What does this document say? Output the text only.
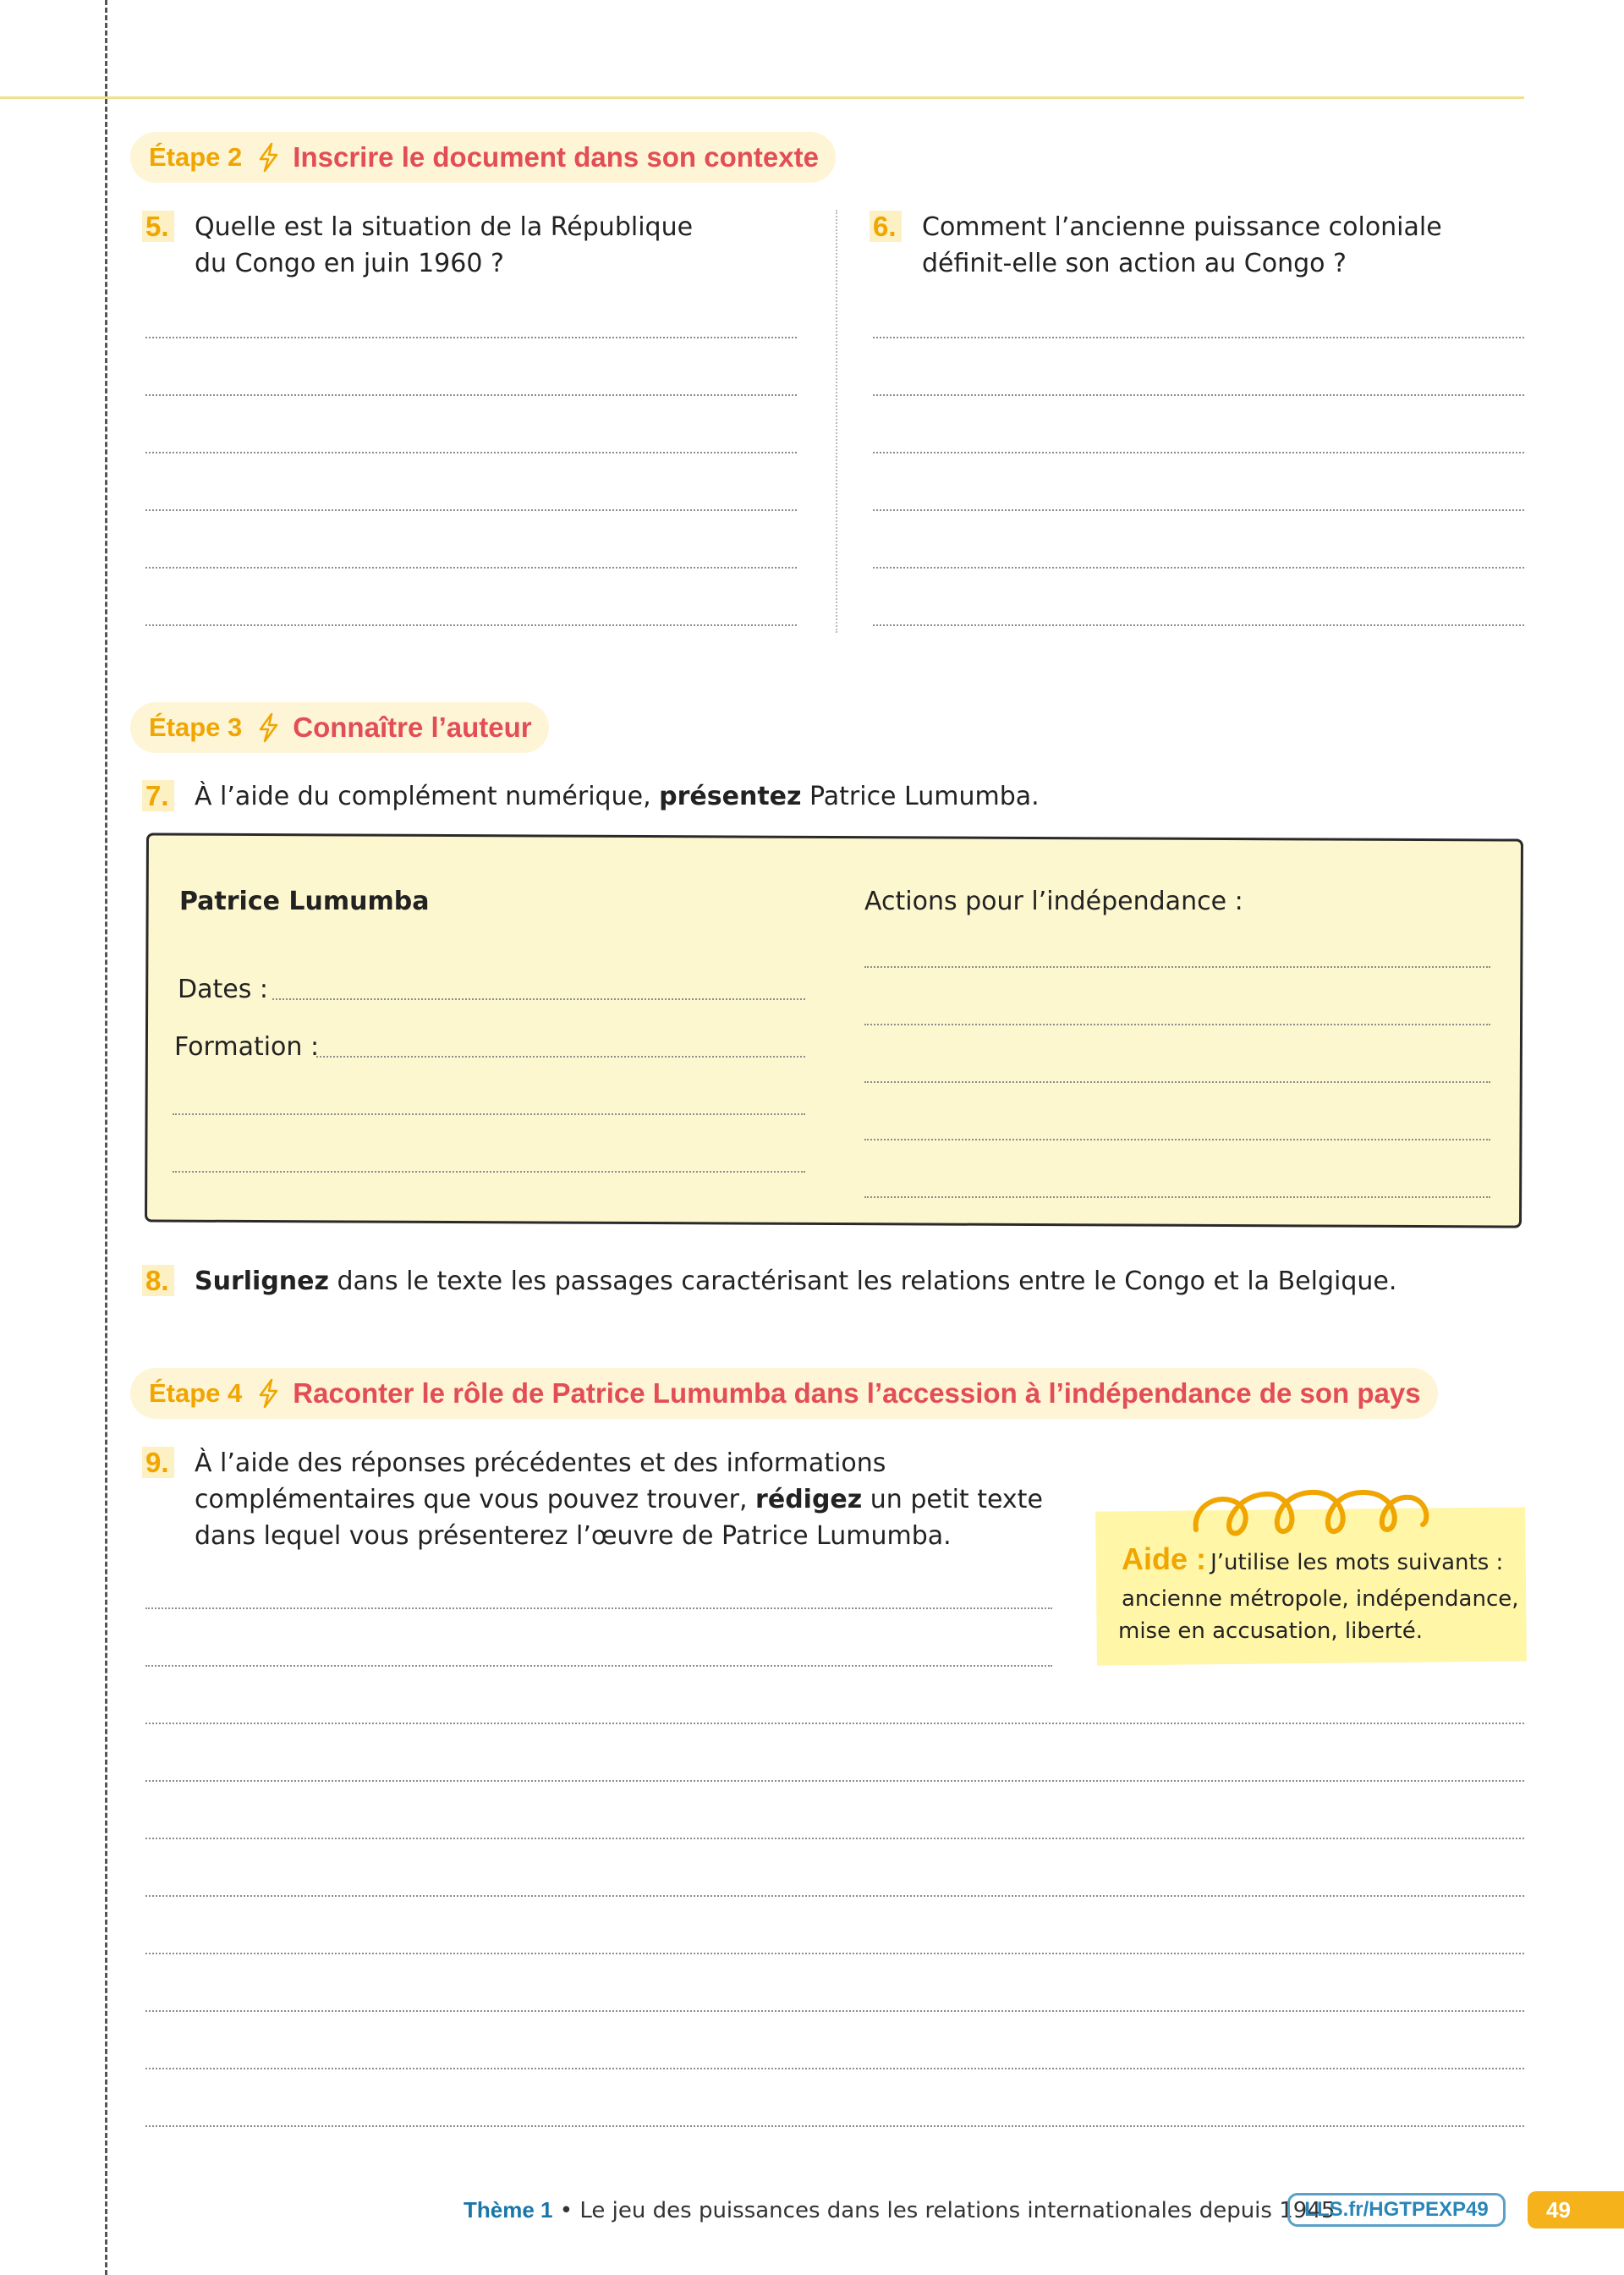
Étape 2 Inscrire le document dans son contexte
5. Quelle est la situation de la République
du Congo en juin 1960 ?
6. Comment l’ancienne puissance coloniale
définit-elle son action au Congo ?
Étape 3 Connaître l’auteur
7. À l’aide du complément numérique, présentez Patrice Lumumba.
Patrice Lumumba
Dates :
Formation :
Actions pour l’indépendance :
8. Surlignez dans le texte les passages caractérisant les relations entre le Congo et la Belgique.
Étape 4 Raconter le rôle de Patrice Lumumba dans l’accession à l’indépendance de son pays
9. À l’aide des réponses précédentes et des informations
complémentaires que vous pouvez trouver, rédigez un petit texte
dans lequel vous présenterez l’œuvre de Patrice Lumumba.
Aide : J’utilise les mots suivants :
ancienne métropole, indépendance,
mise en accusation, liberté.
Thème 1 • Le jeu des puissances dans les relations internationales depuis 1945
LLS.fr/HGTPEXP49	49
